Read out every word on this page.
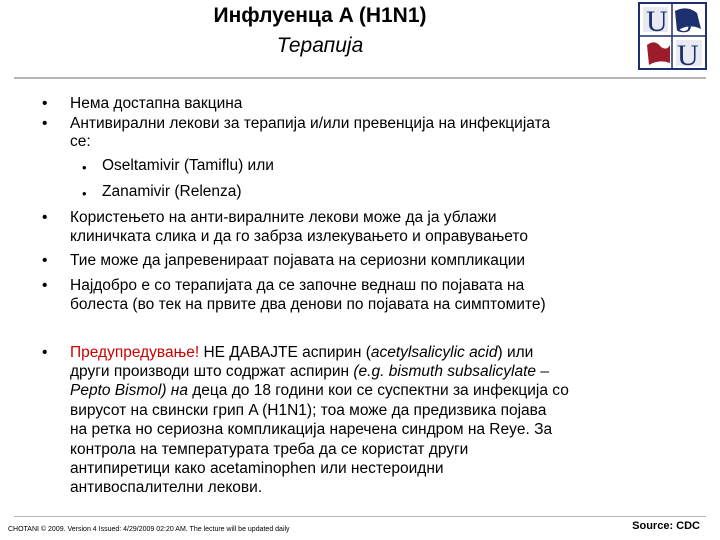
Инфлуенца A (H1N1)
Терапија
U S
U
• Нема достапна вакцина
• Антивирални лекови за терапија и/или превенција на инфекцијата
се:
• Oseltamivir (Tamiflu) или
• Zanamivir (Relenza)
• Користењето на анти-виралните лекови може да ја ублажи
клиничката слика и да го забрза излекувањето и оправувањето
• Тие може да јапревенираат појавата на сериозни компликации
• Најдобро е со терапијата да се започне веднаш по појавата на
болеста (во тек на првите два денови по појавата на симптомите)
• Предупредување! НЕ ДАВАЈТЕ аспирин (acetylsalicylic acid) или
други производи што содржат аспирин (e.g. bismuth subsalicylate –
Pepto Bismol) на деца до 18 години кои се суспектни за инфекција со
вирусот на свински грип A (H1N1); тоа може да предизвика појава
на ретка но сериозна компликација наречена синдром на Reye. За
контрола на температурата треба да се користат други
антипиретици како acetaminophen или нестероидни
антивоспалителни лекови.
CHOTANI © 2009. Version 4 Issued: 4/29/2009 02:20 AM. The lecture will be updated daily	Source: CDC
